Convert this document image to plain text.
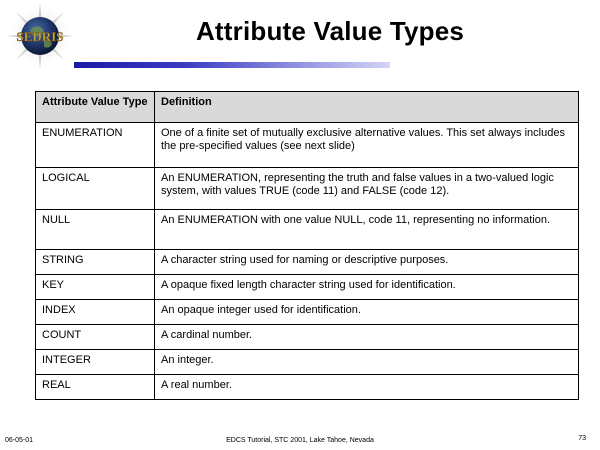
SEDRIS	Attribute Value Types
Attribute Value Type	Definition
ENUMERATION	One of a finite set of mutually exclusive alternative values. This set always includes the pre-specified values (see next slide)
LOGICAL	An ENUMERATION, representing the truth and false values in a two-valued logic system, with values TRUE (code 11) and FALSE (code 12).
NULL	An ENUMERATION with one value NULL, code 11, representing no information.
STRING	A character string used for naming or descriptive purposes.
KEY	A opaque fixed length character string used for identification.
INDEX	An opaque integer used for identification.
COUNT	A cardinal number.
INTEGER	An integer.
REAL	A real number.
06-05-01	EDCS Tutorial, STC 2001, Lake Tahoe, Nevada	73
